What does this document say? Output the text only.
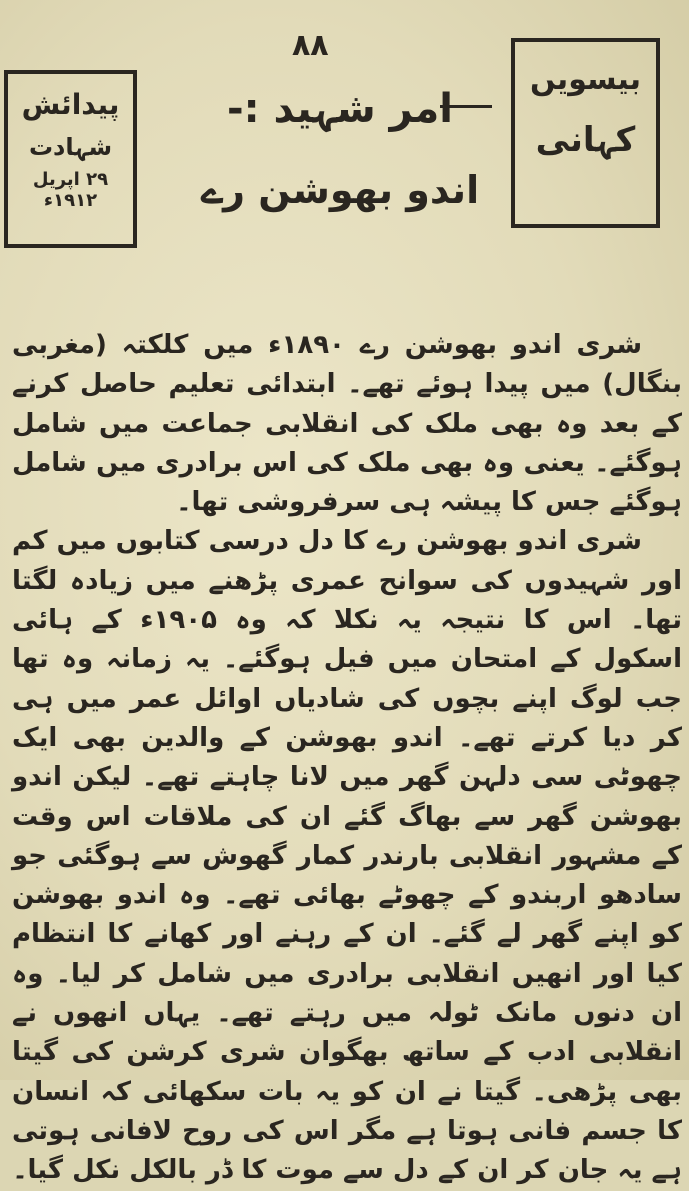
٨٨
پیدائش
شہادت
۲۹ اپریل ۱۹۱۲ء
بیسویں
کہانی
امر شہید :-
اندو بھوشن رے

شری اندو بھوشن رے ۱۸۹۰ء میں کلکتہ (مغربی بنگال) میں پیدا ہوئے تھے۔ ابتدائی تعلیم حاصل کرنے کے بعد وہ بھی ملک کی انقلابی جماعت میں شامل ہوگئے۔ یعنی وہ بھی ملک کی اس برادری میں شامل ہوگئے جس کا پیشہ ہی سرفروشی تھا۔

شری اندو بھوشن رے کا دل درسی کتابوں میں کم اور شہیدوں کی سوانح عمری پڑھنے میں زیادہ لگتا تھا۔ اس کا نتیجہ یہ نکلا کہ وہ ۱۹۰۵ء کے ہائی اسکول کے امتحان میں فیل ہوگئے۔ یہ زمانہ وہ تھا جب لوگ اپنے بچوں کی شادیاں اوائل عمر میں ہی کر دیا کرتے تھے۔ اندو بھوشن کے والدین بھی ایک چھوٹی سی دلہن گھر میں لانا چاہتے تھے۔ لیکن اندو بھوشن گھر سے بھاگ گئے ان کی ملاقات اس وقت کے مشہور انقلابی بارندر کمار گھوش سے ہوگئی جو سادھو اربندو کے چھوٹے بھائی تھے۔ وہ اندو بھوشن کو اپنے گھر لے گئے۔ ان کے رہنے اور کھانے کا انتظام کیا اور انھیں انقلابی برادری میں شامل کر لیا۔ وہ ان دنوں مانک ٹولہ میں رہتے تھے۔ یہاں انھوں نے انقلابی ادب کے ساتھ بھگوان شری کرشن کی گیتا بھی پڑھی۔ گیتا نے ان کو یہ بات سکھائی کہ انسان کا جسم فانی ہوتا ہے مگر اس کی روح لافانی ہوتی ہے یہ جان کر ان کے دل سے موت کا ڈر بالکل نکل گیا۔
